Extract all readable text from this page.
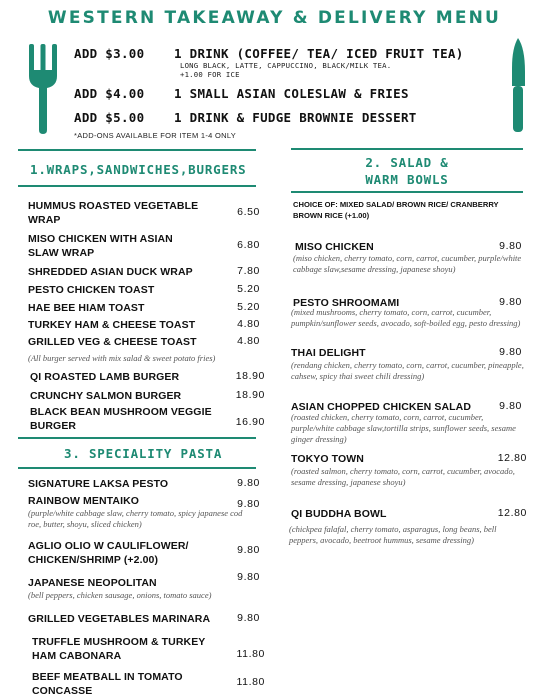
WESTERN TAKEAWAY & DELIVERY MENU
ADD $3.00 1 DRINK (COFFEE/ TEA/ ICED FRUIT TEA)
LONG BLACK, LATTE, CAPPUCCINO, BLACK/MILK TEA.
+1.00 FOR ICE
ADD $4.00 1 SMALL ASIAN COLESLAW & FRIES
ADD $5.00 1 DRINK & FUDGE BROWNIE DESSERT
*ADD-ONS AVAILABLE FOR ITEM 1-4 ONLY
1.WRAPS,SANDWICHES,BURGERS
HUMMUS ROASTED VEGETABLE WRAP
6.50
MISO CHICKEN WITH ASIAN SLAW WRAP
6.80
SHREDDED ASIAN DUCK WRAP	7.80
PESTO CHICKEN TOAST	5.20
HAE BEE HIAM TOAST	5.20
TURKEY HAM & CHEESE TOAST	4.80
GRILLED VEG & CHEESE TOAST	4.80
(All burger served with mix salad & sweet potato fries)
QI ROASTED LAMB BURGER	18.90
CRUNCHY SALMON BURGER	18.90
BLACK BEAN MUSHROOM VEGGIE BURGER	16.90
3. SPECIALITY PASTA
SIGNATURE LAKSA PESTO	9.80
RAINBOW MENTAIKO	9.80
(purple/white cabbage slaw, cherry tomato, spicy japanese cod roe, butter, shoyu, sliced chicken)
AGLIO OLIO W CAULIFLOWER/ CHICKEN/SHRIMP (+2.00)
9.80
JAPANESE NEOPOLITAN	9.80
(bell peppers, chicken sausage, onions, tomato sauce)
GRILLED VEGETABLES MARINARA	9.80
TRUFFLE MUSHROOM & TURKEY HAM CABONARA	11.80
BEEF MEATBALL IN TOMATO CONCASSE
11.80
2. SALAD &
WARM BOWLS
CHOICE OF: MIXED SALAD/ BROWN RICE/ CRANBERRY BROWN RICE (+1.00)
MISO CHICKEN	9.80
(miso chicken, cherry tomato, corn, carrot, cucumber, purple/white cabbage slaw,sesame dressing, japanese shoyu)
PESTO SHROOMAMI	9.80
(mixed mushrooms, cherry tomato, corn, carrot, cucumber, pumpkin/sunflower seeds, avocado, soft-boiled egg, pesto dressing)
THAI DELIGHT	9.80
(rendang chicken, cherry tomato, corn, carrot, cucumber, pineapple, cahsew, spicy thai sweet chili dressing)
ASIAN CHOPPED CHICKEN SALAD	9.80
(roasted chicken, cherry tomato, corn, carrot, cucumber, purple/white cabbage slaw,tortilla strips, sunflower seeds, sesame ginger dressing)
TOKYO TOWN	12.80
(roasted salmon, cherry tomato, corn, carrot, cucumber, avocado, sesame dressing, japanese shoyu)
QI BUDDHA BOWL	12.80
(chickpea falafal, cherry tomato, asparagus, long beans, bell peppers, avocado, beetroot hummus, sesame dressing)
